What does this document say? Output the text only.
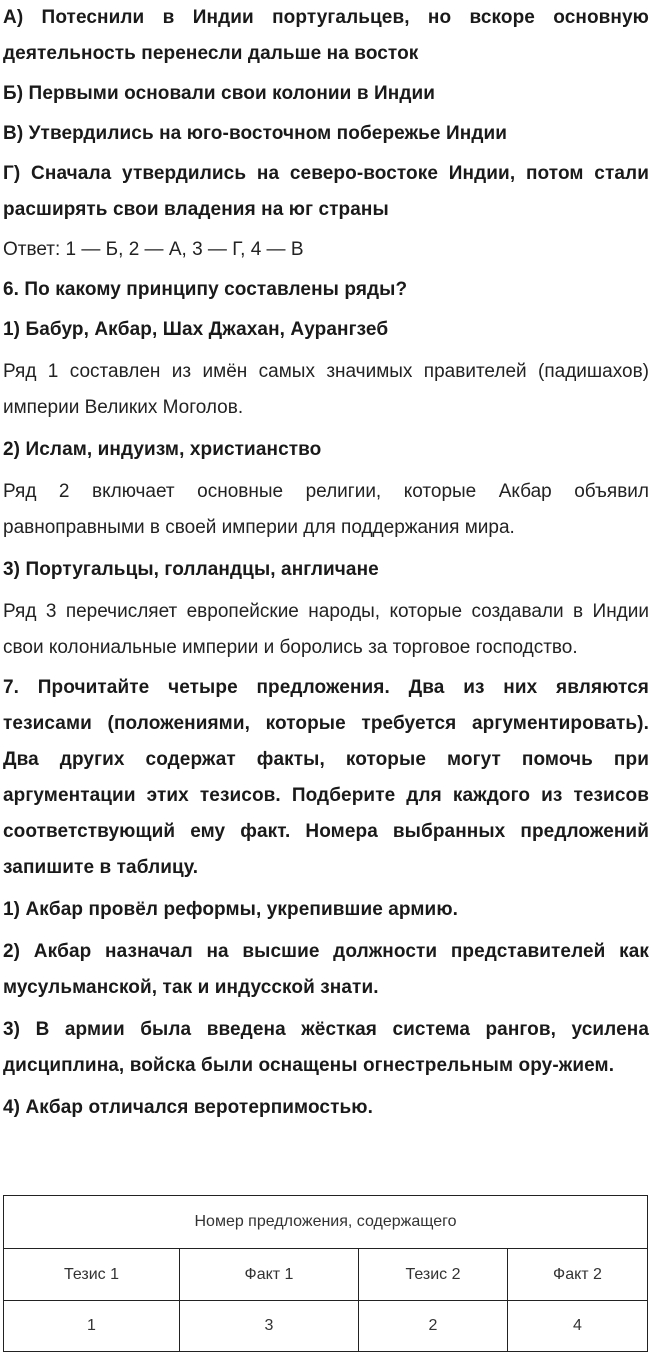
А) Потеснили в Индии португальцев, но вскоре основную деятельность перенесли дальше на восток

Б) Первыми основали свои колонии в Индии

В) Утвердились на юго-восточном побережье Индии

Г) Сначала утвердились на северо-востоке Индии, потом стали расширять свои владения на юг страны

Ответ: 1 — Б, 2 — А, 3 — Г, 4 — В

6. По какому принципу составлены ряды?

1) Бабур, Акбар, Шах Джахан, Аурангзеб

Ряд 1 составлен из имён самых значимых правителей (падишахов) империи Великих Моголов.

2) Ислам, индуизм, христианство

Ряд 2 включает основные религии, которые Акбар объявил равноправными в своей империи для поддержания мира.

3) Португальцы, голландцы, англичане

Ряд 3 перечисляет европейские народы, которые создавали в Индии свои колониальные империи и боролись за торговое господство.

7. Прочитайте четыре предложения. Два из них являются тезисами (положениями, которые требуется аргументировать). Два других содержат факты, которые могут помочь при аргументации этих тезисов. Подберите для каждого из тезисов соответствующий ему факт. Номера выбранных предложений запишите в таблицу.

1) Акбар провёл реформы, укрепившие армию.

2) Акбар назначал на высшие должности представителей как мусульманской, так и индусской знати.

3) В армии была введена жёсткая система рангов, усилена дисциплина, войска были оснащены огнестрельным ору-жием.

4) Акбар отличался веротерпимостью.

Номер предложения, содержащего			
Тезис 1	Факт 1	Тезис 2	Факт 2
1	3	2	4
